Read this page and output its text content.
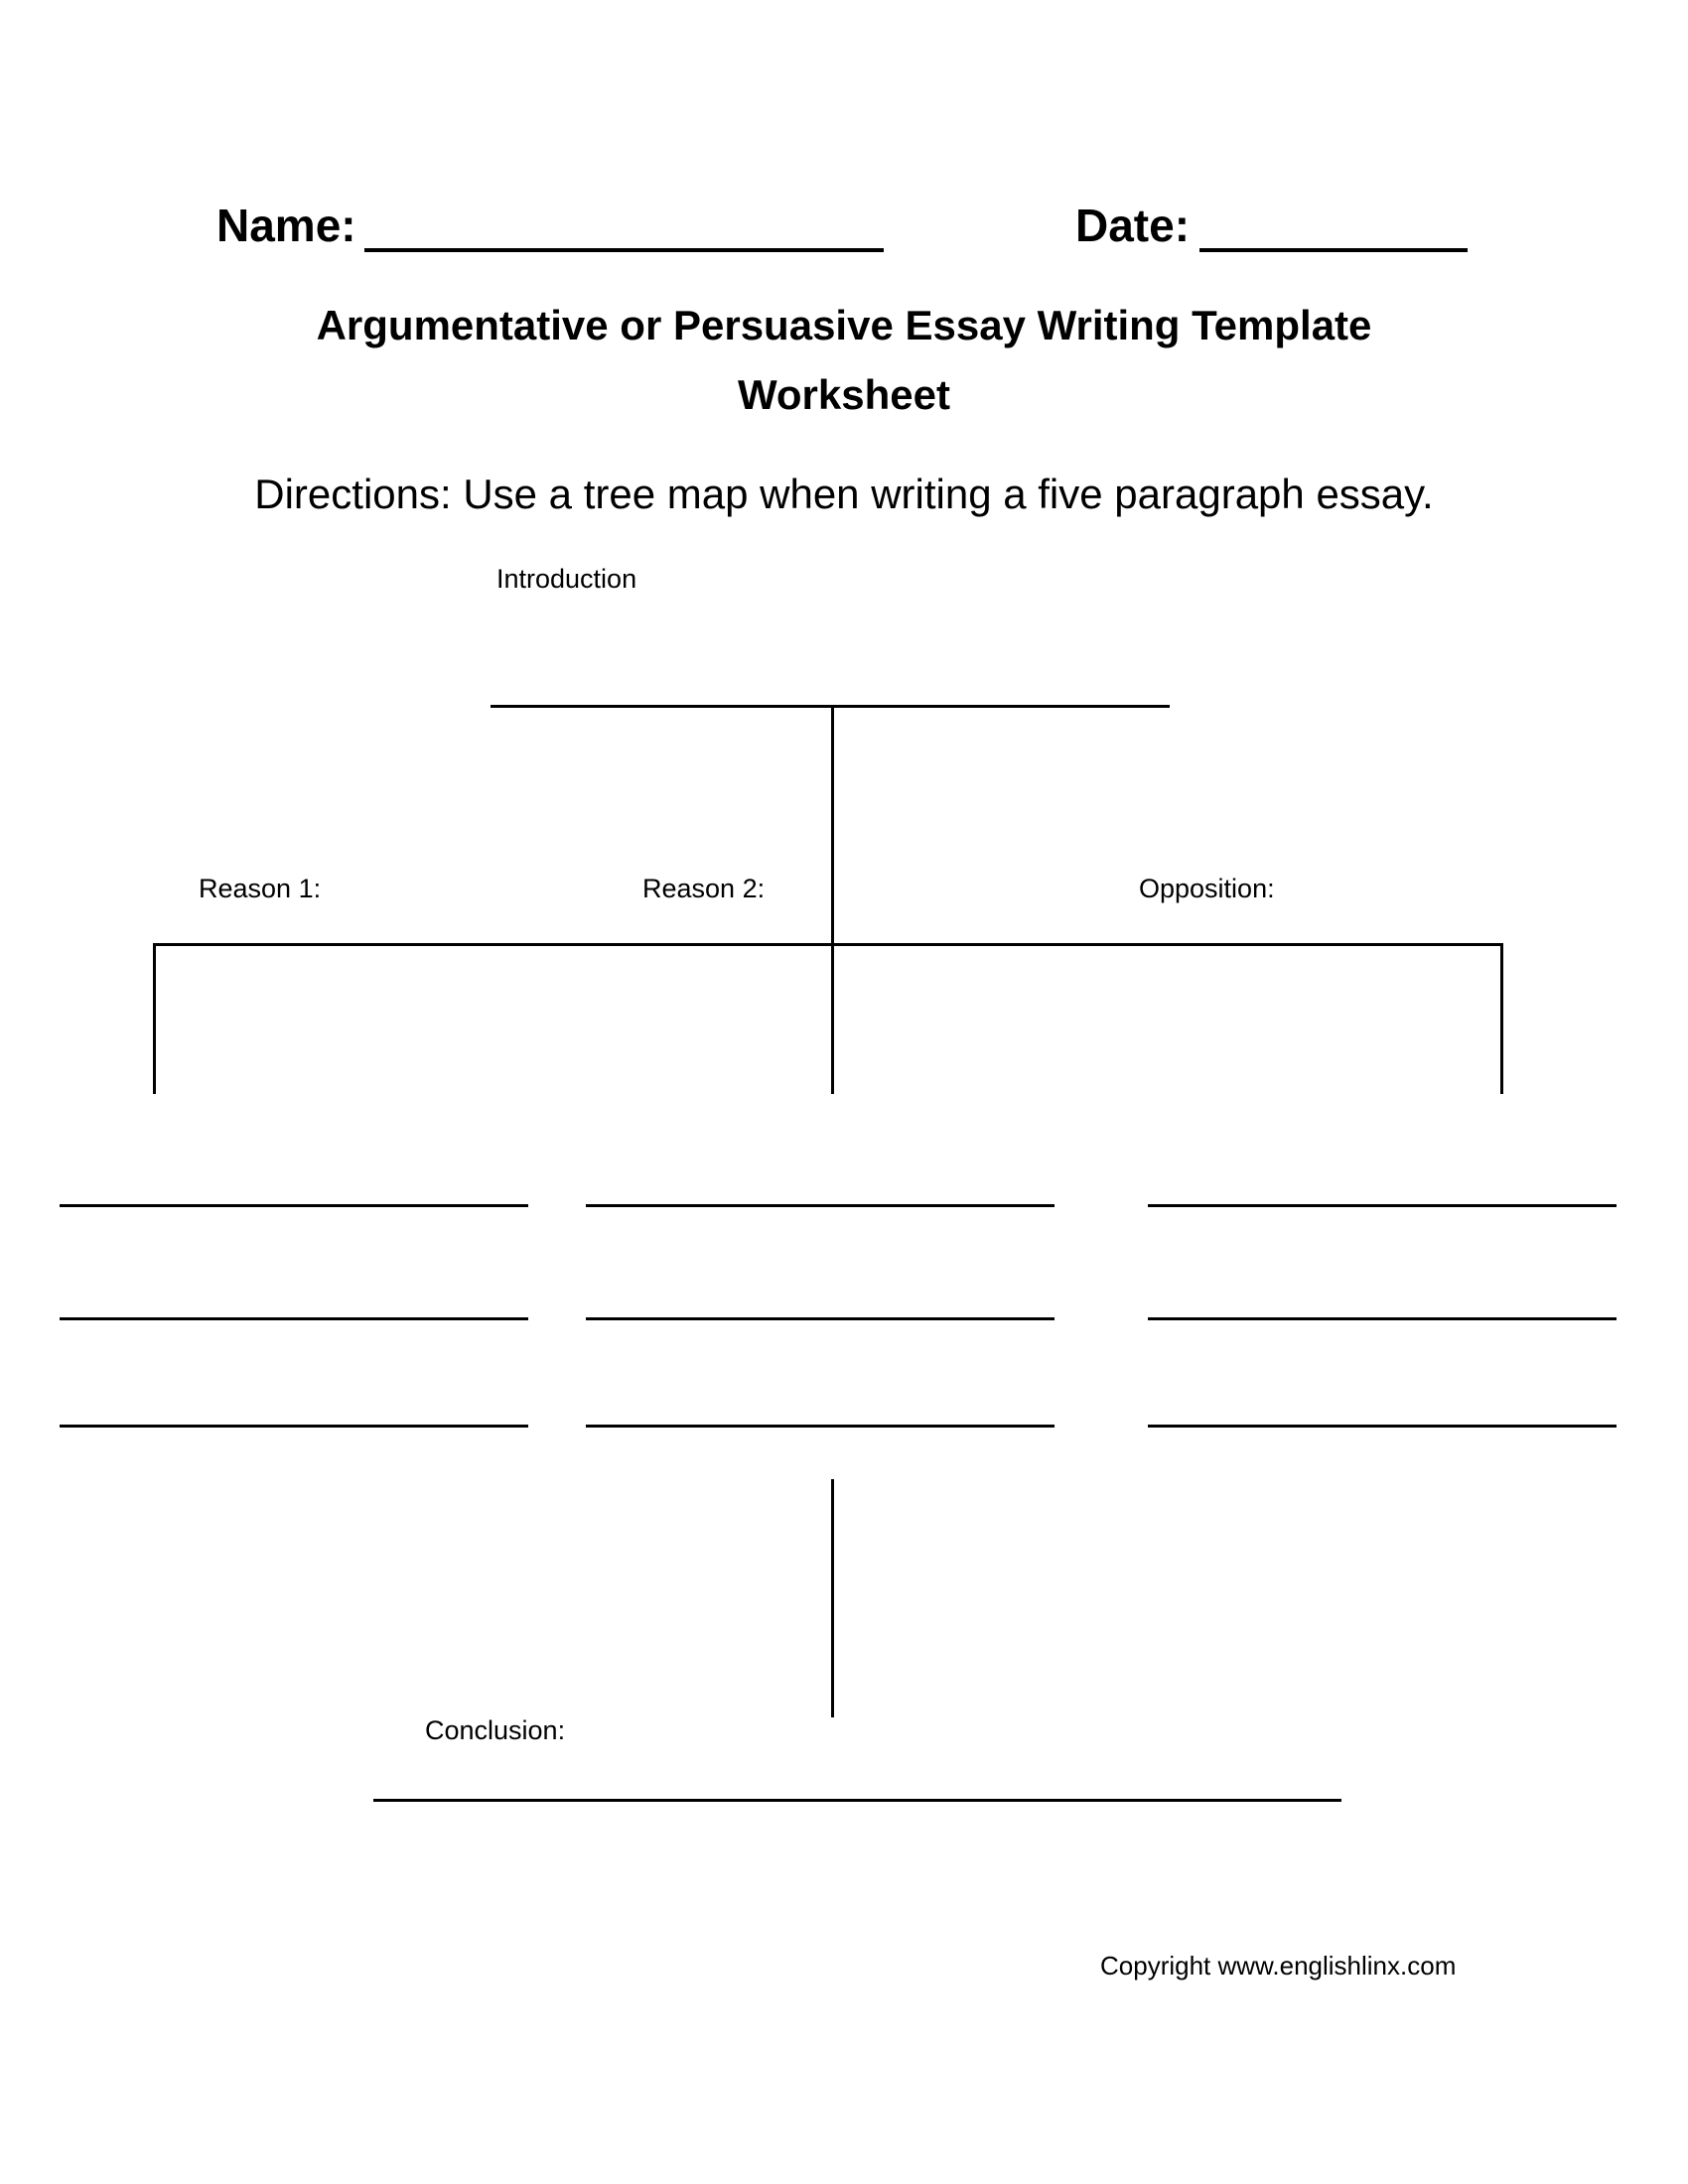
Name:	Date:
Argumentative or Persuasive Essay Writing Template
Worksheet
Directions: Use a tree map when writing a five paragraph essay.
Introduction
Reason 1:	Reason 2:	Opposition:
Conclusion:
Copyright www.englishlinx.com
